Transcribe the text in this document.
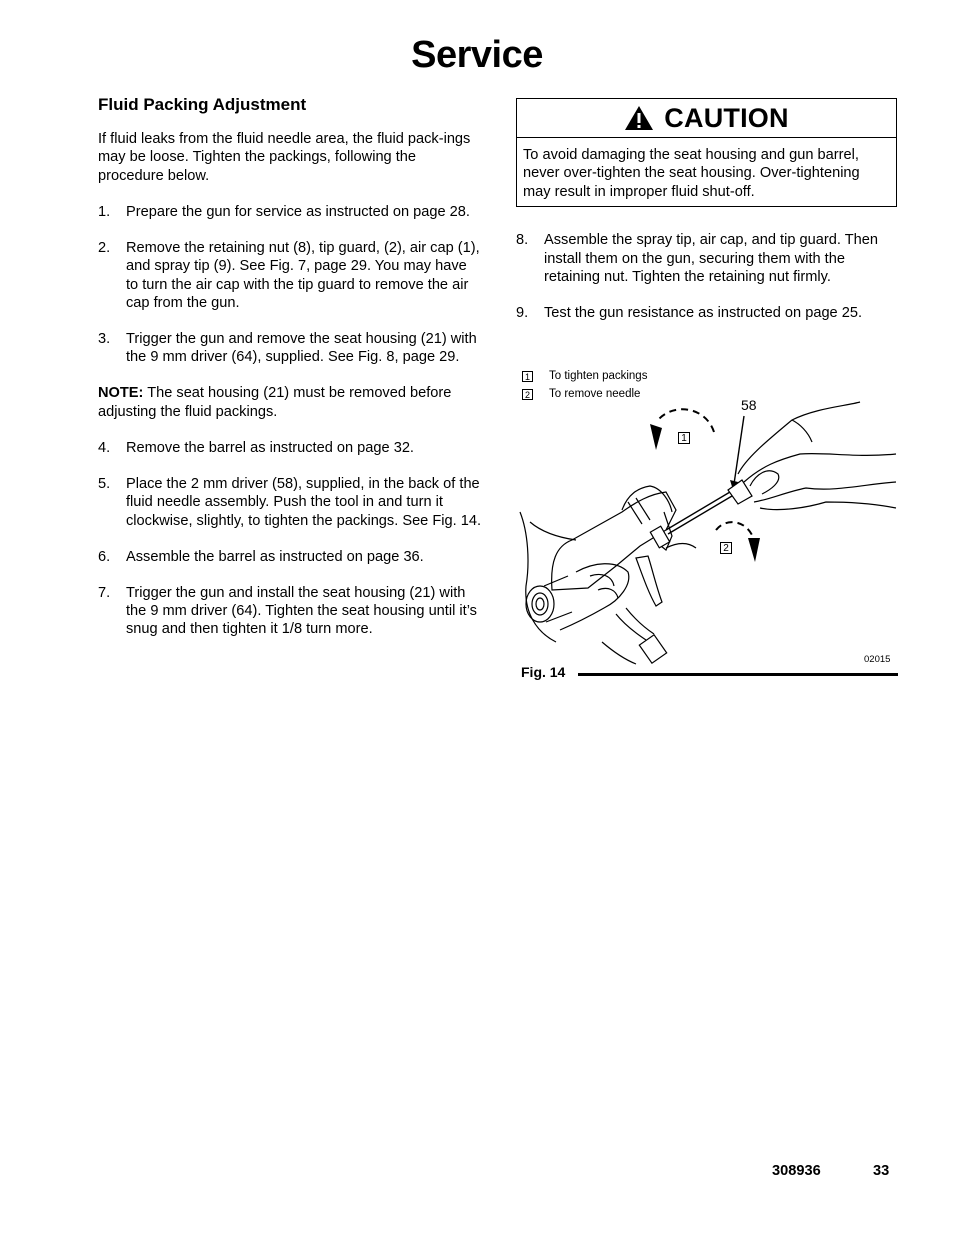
Service
Fluid Packing Adjustment

If fluid leaks from the fluid needle area, the fluid pack-ings may be loose. Tighten the packings, following the procedure below.

1.	Prepare the gun for service as instructed on page 28.
2.	Remove the retaining nut (8), tip guard, (2), air cap (1), and spray tip (9). See Fig. 7, page 29. You may have to turn the air cap with the tip guard to remove the air cap from the gun.
3.	Trigger the gun and remove the seat housing (21) with the 9 mm driver (64), supplied. See Fig. 8, page 29.

NOTE: The seat housing (21) must be removed before adjusting the fluid packings.

4.	Remove the barrel as instructed on page 32.
5.	Place the 2 mm driver (58), supplied, in the back of the fluid needle assembly. Push the tool in and turn it clockwise, slightly, to tighten the packings. See Fig. 14.
6.	Assemble the barrel as instructed on page 36.
7.	Trigger the gun and install the seat housing (21) with the 9 mm driver (64). Tighten the seat housing until it’s snug and then tighten it 1/8 turn more.
CAUTION
To avoid damaging the seat housing and gun barrel, never over-tighten the seat housing. Over-tightening may result in improper fluid shut-off.
8.	Assemble the spray tip, air cap, and tip guard. Then install them on the gun, securing them with the retaining nut. Tighten the retaining nut firmly.
9.	Test the gun resistance as instructed on page 25.
1 To tighten packings
2 To remove needle
58
1
2
02015
Fig. 14
308936	33
